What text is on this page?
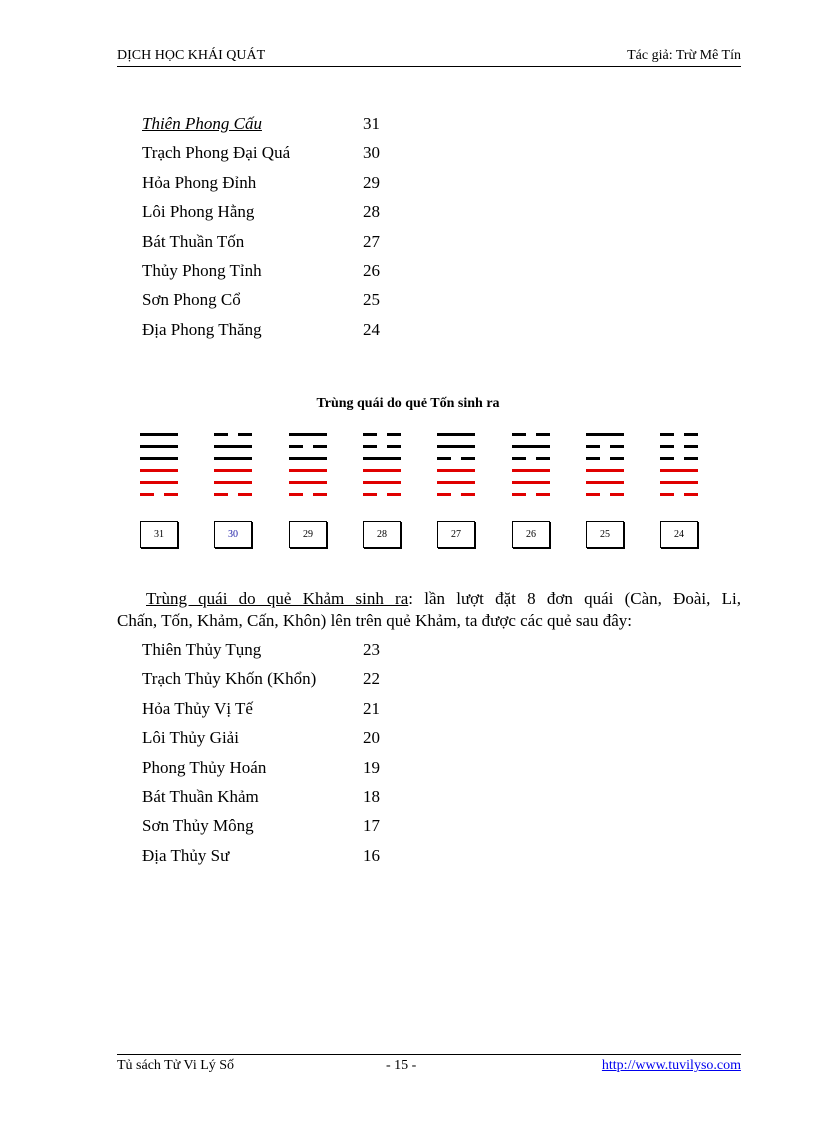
DỊCH HỌC KHÁI QUÁT	Tác giả: Trừ Mê Tín
Thiên Phong Cấu	31
Trạch Phong Đại Quá	30
Hỏa Phong Đỉnh	29
Lôi Phong Hằng	28
Bát Thuần Tốn	27
Thủy Phong Tỉnh	26
Sơn Phong Cổ	25
Địa Phong Thăng	24
Trùng quái do quẻ Tốn sinh ra
31	30	29	28	27	26	25	24
Trùng quái do quẻ Khảm sinh ra: lần lượt đặt 8 đơn quái (Càn, Đoài, Li,
Chấn, Tốn, Khảm, Cấn, Khôn) lên trên quẻ Khảm, ta được các quẻ sau đây:
Thiên Thủy Tụng	23
Trạch Thủy Khốn (Khổn)	22
Hỏa Thủy Vị Tế	21
Lôi Thủy Giải	20
Phong Thủy Hoán	19
Bát Thuần Khảm	18
Sơn Thủy Mông	17
Địa Thủy Sư	16
Tủ sách Tử Vi Lý Số	- 15 -	http://www.tuvilyso.com
